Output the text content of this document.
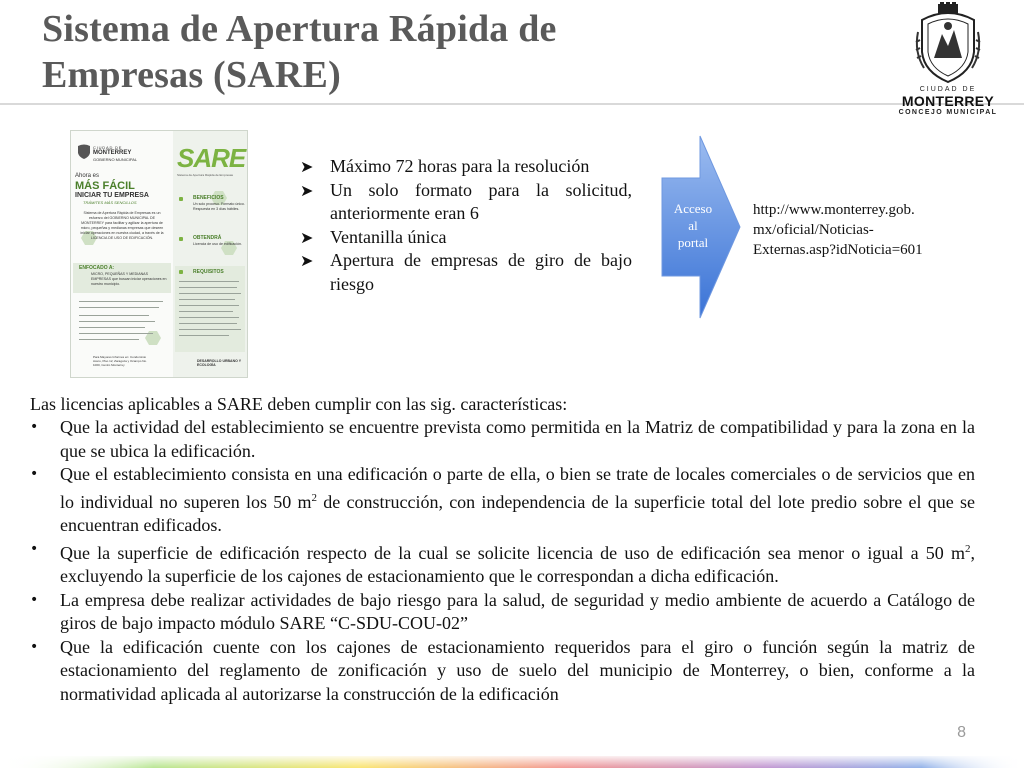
Sistema de Apertura Rápida de
Empresas (SARE)	CIUDAD DE
MONTERREY
CONCEJO MUNICIPAL
CIUDAD DE
MONTERREY
GOBIERNO MUNICIPAL SARE
Sistema de Apertura Rápida de Empresas
Ahora es
MÁS FÁCIL
INICIAR TU EMPRESA
TRÁMITES MÁS SENCILLOS
Sistema de Apertura Rápida de Empresas es un esfuerzo del GOBIERNO MUNICIPAL DE MONTERREY para facilitar y agilizar la apertura de micro, pequeñas y medianas empresas que deseen iniciar operaciones en nuestra ciudad, a través de la LICENCIA DE USO DE EDIFICACIÓN.
ENFOCADO A:
MICRO, PEQUEÑAS Y MEDIANAS EMPRESAS que buscan iniciar operaciones en nuestro municipio.
BENEFICIOS
Un solo proceso. Formato único. Respuesta en 3 días hábiles.
OBTENDRÁ
Licencia de uso de edificación.
REQUISITOS
Para Mayores Informes en: Condominio Acero, Piso 12, Zaragoza y Ocampo No. 1000, Centro Monterrey
DESARROLLO URBANO Y ECOLOGÍA
➤ Máximo 72 horas para la resolución
➤ Un solo formato para la solicitud, anteriormente eran 6
➤ Ventanilla única
➤ Apertura de empresas de giro de bajo riesgo
Acceso
al
portal
http://www.monterrey.gob.
mx/oficial/Noticias-
Externas.asp?idNoticia=601
Las licencias aplicables a SARE deben cumplir con las sig. características:
• Que la actividad del establecimiento se encuentre prevista como permitida en la Matriz de compatibilidad y para la zona en la que se ubica la edificación.
• Que el establecimiento consista en una edificación o parte de ella, o bien se trate de locales comerciales o de servicios que en lo individual no superen los 50 $m^2$ de construcción, con independencia de la superficie total del lote predio sobre el que se encuentran edificados.
• Que la superficie de edificación respecto de la cual se solicite licencia de uso de edificación sea menor o igual a 50 $m^2$, excluyendo la superficie de los cajones de estacionamiento que le correspondan a dicha edificación.
• La empresa debe realizar actividades de bajo riesgo para la salud, de seguridad y medio ambiente de acuerdo a Catálogo de giros de bajo impacto módulo SARE “C-SDU-COU-02”
• Que la edificación cuente con los cajones de estacionamiento requeridos para el giro o función según la matriz de estacionamiento del reglamento de zonificación y uso de suelo del municipio de Monterrey, o bien, conforme a la normatividad aplicada al autorizarse la construcción de la edificación
8
